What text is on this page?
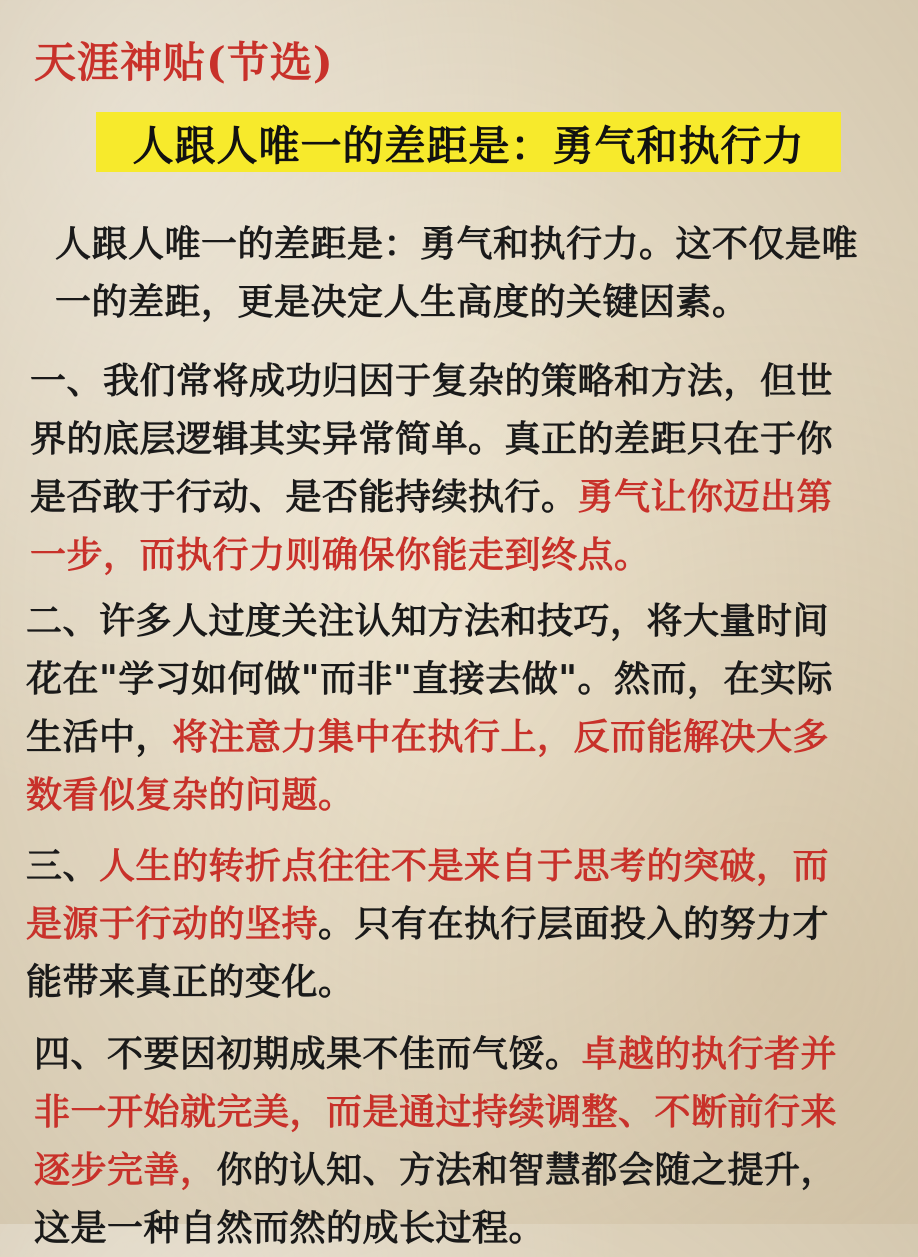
天涯神贴(节选)
人跟人唯一的差距是：勇气和执行力
人跟人唯一的差距是：勇气和执行力。这不仅是唯
一的差距，更是决定人生高度的关键因素。
一、我们常将成功归因于复杂的策略和方法，但世
界的底层逻辑其实异常简单。真正的差距只在于你
是否敢于行动、是否能持续执行。勇气让你迈出第
一步，而执行力则确保你能走到终点。
二、许多人过度关注认知方法和技巧，将大量时间
花在"学习如何做"而非"直接去做"。然而，在实际
生活中，将注意力集中在执行上，反而能解决大多
数看似复杂的问题。
三、人生的转折点往往不是来自于思考的突破，而
是源于行动的坚持。只有在执行层面投入的努力才
能带来真正的变化。
四、不要因初期成果不佳而气馁。卓越的执行者并
非一开始就完美，而是通过持续调整、不断前行来
逐步完善，你的认知、方法和智慧都会随之提升，
这是一种自然而然的成长过程。
